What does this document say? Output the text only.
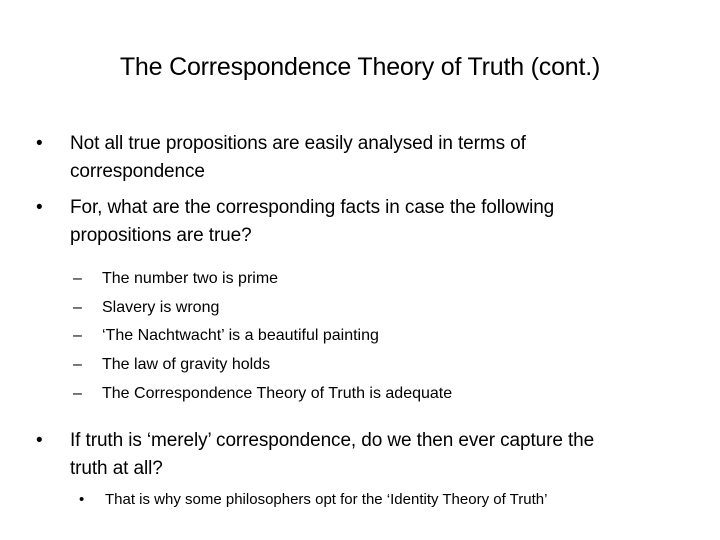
The Correspondence Theory of Truth (cont.)
•	Not all true propositions are easily analysed in terms of
correspondence
•	For, what are the corresponding facts in case the following
propositions are true?
– The number two is prime
– Slavery is wrong
– ‘The Nachtwacht’ is a beautiful painting
– The law of gravity holds
– The Correspondence Theory of Truth is adequate
•	If truth is ‘merely’ correspondence, do we then ever capture the
truth at all?
• That is why some philosophers opt for the ‘Identity Theory of Truth’
